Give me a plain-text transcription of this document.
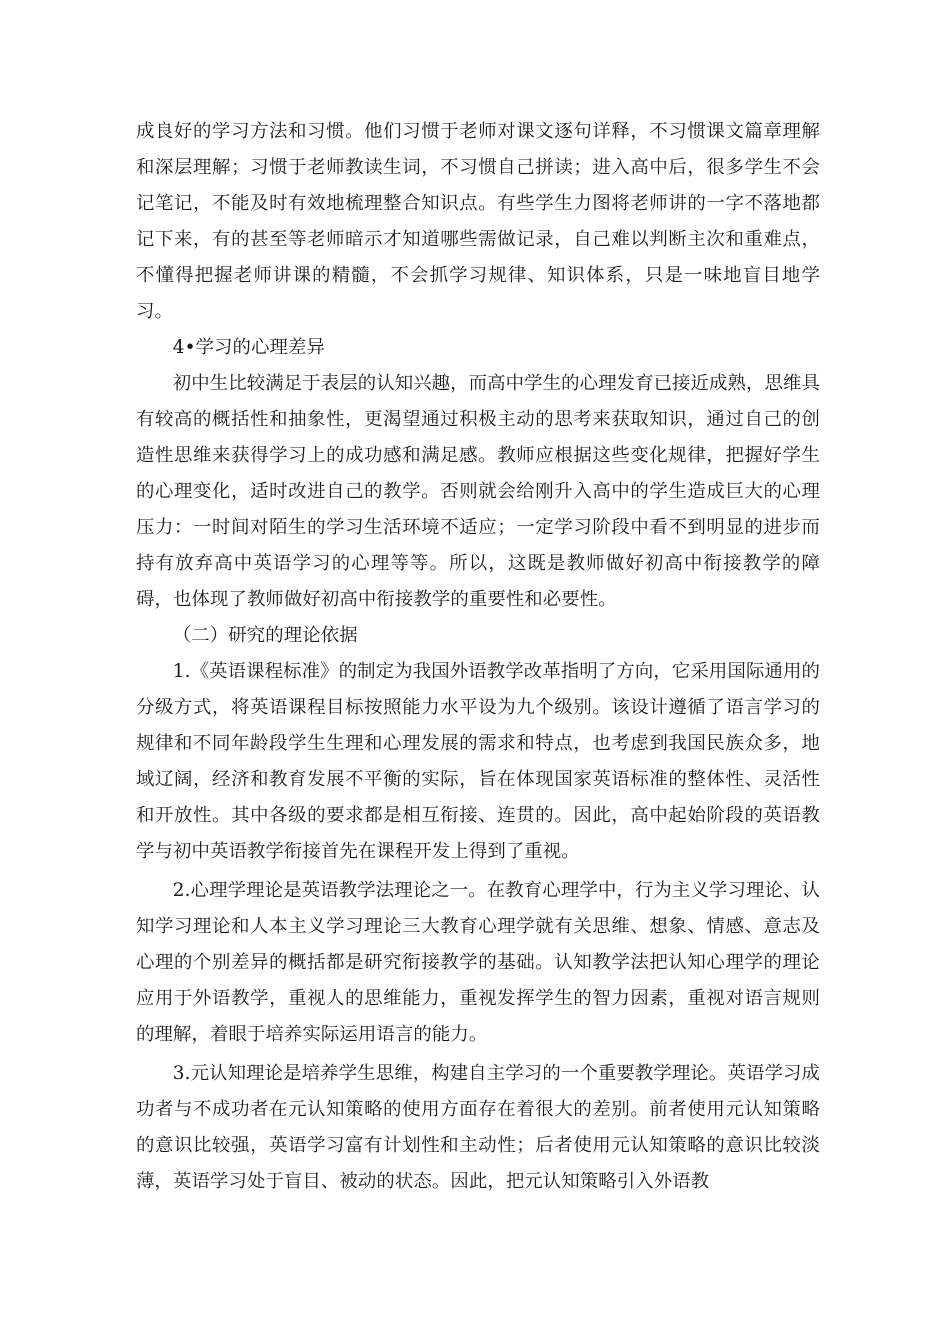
成良好的学习方法和习惯。他们习惯于老师对课文逐句详释，不习惯课文篇章理解和深层理解；习惯于老师教读生词，不习惯自己拼读；进入高中后，很多学生不会记笔记，不能及时有效地梳理整合知识点。有些学生力图将老师讲的一字不落地都记下来，有的甚至等老师暗示才知道哪些需做记录，自己难以判断主次和重难点，不懂得把握老师讲课的精髓，不会抓学习规律、知识体系，只是一味地盲目地学习。

4•学习的心理差异

初中生比较满足于表层的认知兴趣，而高中学生的心理发育已接近成熟，思维具有较高的概括性和抽象性，更渴望通过积极主动的思考来获取知识，通过自己的创造性思维来获得学习上的成功感和满足感。教师应根据这些变化规律，把握好学生的心理变化，适时改进自己的教学。否则就会给刚升入高中的学生造成巨大的心理压力：一时间对陌生的学习生活环境不适应；一定学习阶段中看不到明显的进步而持有放弃高中英语学习的心理等等。所以，这既是教师做好初高中衔接教学的障碍，也体现了教师做好初高中衔接教学的重要性和必要性。

（二）研究的理论依据

1.《英语课程标准》的制定为我国外语教学改革指明了方向，它采用国际通用的分级方式，将英语课程目标按照能力水平设为九个级别。该设计遵循了语言学习的规律和不同年龄段学生生理和心理发展的需求和特点，也考虑到我国民族众多，地域辽阔，经济和教育发展不平衡的实际，旨在体现国家英语标准的整体性、灵活性和开放性。其中各级的要求都是相互衔接、连贯的。因此，高中起始阶段的英语教学与初中英语教学衔接首先在课程开发上得到了重视。

2.心理学理论是英语教学法理论之一。在教育心理学中，行为主义学习理论、认知学习理论和人本主义学习理论三大教育心理学就有关思维、想象、情感、意志及心理的个别差异的概括都是研究衔接教学的基础。认知教学法把认知心理学的理论应用于外语教学，重视人的思维能力，重视发挥学生的智力因素，重视对语言规则的理解，着眼于培养实际运用语言的能力。

3.元认知理论是培养学生思维，构建自主学习的一个重要教学理论。英语学习成功者与不成功者在元认知策略的使用方面存在着很大的差别。前者使用元认知策略的意识比较强，英语学习富有计划性和主动性；后者使用元认知策略的意识比较淡薄，英语学习处于盲目、被动的状态。因此，把元认知策略引入外语教
